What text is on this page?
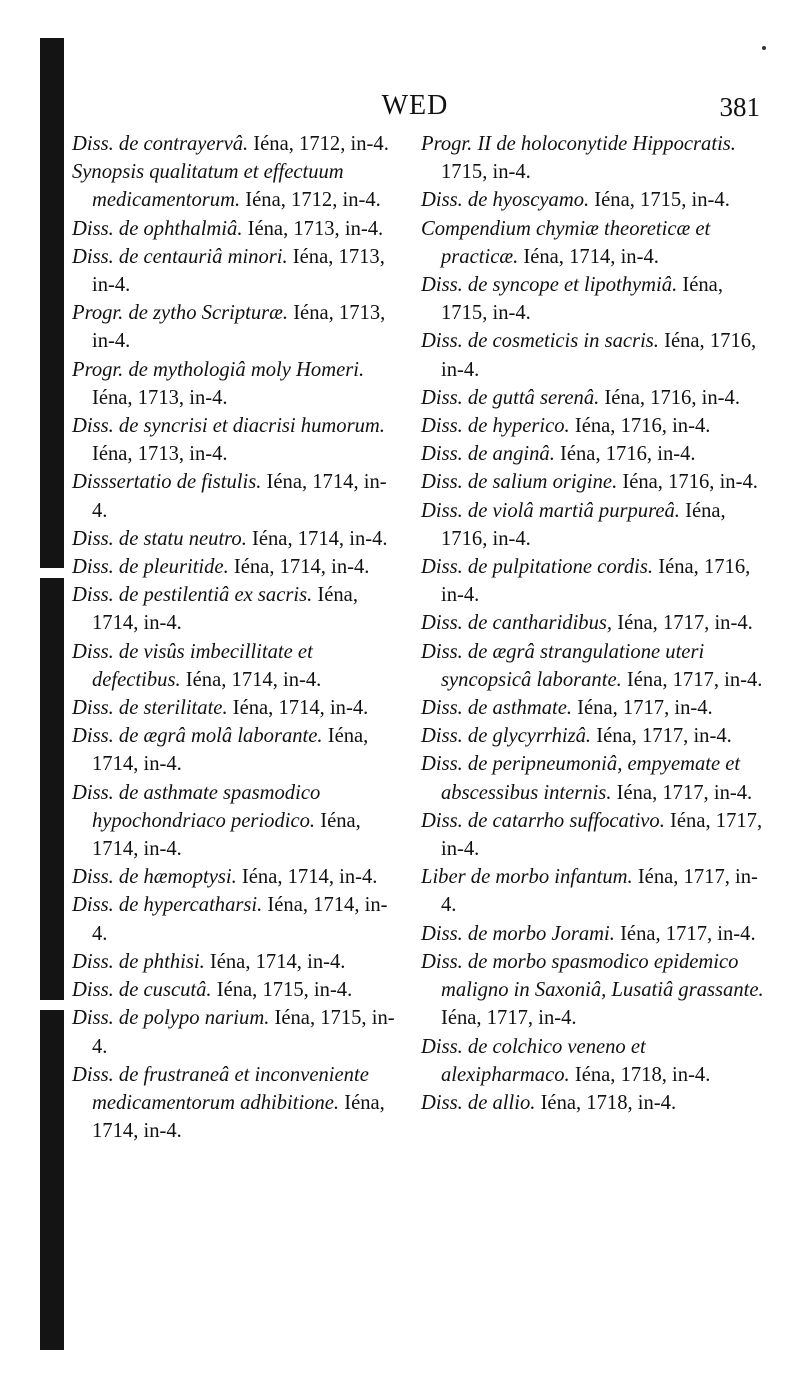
WED	381

Diss. de contrayervâ. Iéna, 1712, in-4.

Synopsis qualitatum et effectuum medicamentorum. Iéna, 1712, in-4.

Diss. de ophthalmiâ. Iéna, 1713, in-4.

Diss. de centauriâ minori. Iéna, 1713, in-4.

Progr. de zytho Scripturæ. Iéna, 1713, in-4.

Progr. de mythologiâ moly Homeri. Iéna, 1713, in-4.

Diss. de syncrisi et diacrisi humorum. Iéna, 1713, in-4.

Disssertatio de fistulis. Iéna, 1714, in-4.

Diss. de statu neutro. Iéna, 1714, in-4.

Diss. de pleuritide. Iéna, 1714, in-4.

Diss. de pestilentiâ ex sacris. Iéna, 1714, in-4.

Diss. de visûs imbecillitate et defectibus. Iéna, 1714, in-4.

Diss. de sterilitate. Iéna, 1714, in-4.

Diss. de ægrâ molâ laborante. Iéna, 1714, in-4.

Diss. de asthmate spasmodico hypochondriaco periodico. Iéna, 1714, in-4.

Diss. de hæmoptysi. Iéna, 1714, in-4.

Diss. de hypercatharsi. Iéna, 1714, in-4.

Diss. de phthisi. Iéna, 1714, in-4.

Diss. de cuscutâ. Iéna, 1715, in-4.

Diss. de polypo narium. Iéna, 1715, in-4.

Diss. de frustraneâ et inconveniente medicamentorum adhibitione. Iéna, 1714, in-4.

Progr. II de holoconytide Hippocratis. 1715, in-4.

Diss. de hyoscyamo. Iéna, 1715, in-4.

Compendium chymiæ theoreticæ et practicæ. Iéna, 1714, in-4.

Diss. de syncope et lipothymiâ. Iéna, 1715, in-4.

Diss. de cosmeticis in sacris. Iéna, 1716, in-4.

Diss. de guttâ serenâ. Iéna, 1716, in-4.

Diss. de hyperico. Iéna, 1716, in-4.

Diss. de anginâ. Iéna, 1716, in-4.

Diss. de salium origine. Iéna, 1716, in-4.

Diss. de violâ martiâ purpureâ. Iéna, 1716, in-4.

Diss. de pulpitatione cordis. Iéna, 1716, in-4.

Diss. de cantharidibus, Iéna, 1717, in-4.

Diss. de ægrâ strangulatione uteri syncopsicâ laborante. Iéna, 1717, in-4.

Diss. de asthmate. Iéna, 1717, in-4.

Diss. de glycyrrhizâ. Iéna, 1717, in-4.

Diss. de peripneumoniâ, empyemate et abscessibus internis. Iéna, 1717, in-4.

Diss. de catarrho suffocativo. Iéna, 1717, in-4.

Liber de morbo infantum. Iéna, 1717, in-4.

Diss. de morbo Jorami. Iéna, 1717, in-4.

Diss. de morbo spasmodico epidemico maligno in Saxoniâ, Lusatiâ grassante. Iéna, 1717, in-4.

Diss. de colchico veneno et alexipharmaco. Iéna, 1718, in-4.

Diss. de allio. Iéna, 1718, in-4.
